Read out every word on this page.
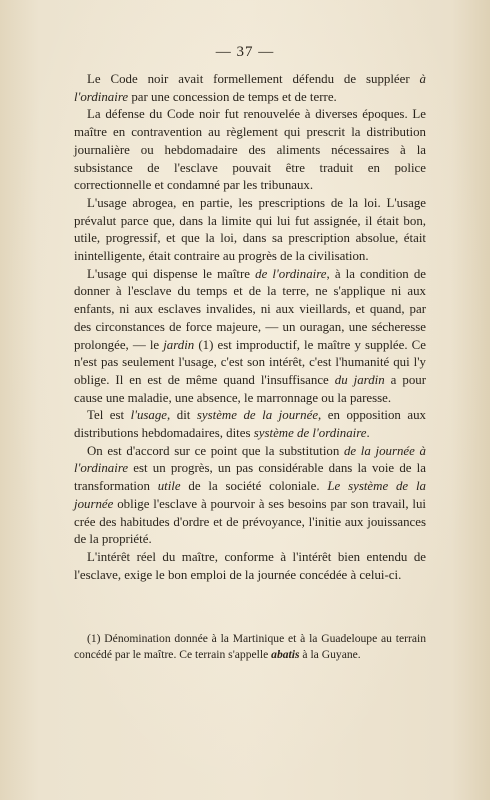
— 37 —

Le Code noir avait formellement défendu de suppléer à l'ordinaire par une concession de temps et de terre.

La défense du Code noir fut renouvelée à diverses époques. Le maître en contravention au règlement qui prescrit la distribution journalière ou hebdomadaire des aliments nécessaires à la subsistance de l'esclave pouvait être traduit en police correctionnelle et condamné par les tribunaux.

L'usage abrogea, en partie, les prescriptions de la loi. L'usage prévalut parce que, dans la limite qui lui fut assignée, il était bon, utile, progressif, et que la loi, dans sa prescription absolue, était inintelligente, était contraire au progrès de la civilisation.

L'usage qui dispense le maître de l'ordinaire, à la condition de donner à l'esclave du temps et de la terre, ne s'applique ni aux enfants, ni aux esclaves invalides, ni aux vieillards, et quand, par des circonstances de force majeure, — un ouragan, une sécheresse prolongée, — le jardin (1) est improductif, le maître y supplée. Ce n'est pas seulement l'usage, c'est son intérêt, c'est l'humanité qui l'y oblige. Il en est de même quand l'insuffisance du jardin a pour cause une maladie, une absence, le marronnage ou la paresse.

Tel est l'usage, dit système de la journée, en opposition aux distributions hebdomadaires, dites système de l'ordinaire.

On est d'accord sur ce point que la substitution de la journée à l'ordinaire est un progrès, un pas considérable dans la voie de la transformation utile de la société coloniale. Le système de la journée oblige l'esclave à pourvoir à ses besoins par son travail, lui crée des habitudes d'ordre et de prévoyance, l'initie aux jouissances de la propriété.

L'intérêt réel du maître, conforme à l'intérêt bien entendu de l'esclave, exige le bon emploi de la journée concédée à celui-ci.

(1) Dénomination donnée à la Martinique et à la Guadeloupe au terrain concédé par le maître. Ce terrain s'appelle abatis à la Guyane.
